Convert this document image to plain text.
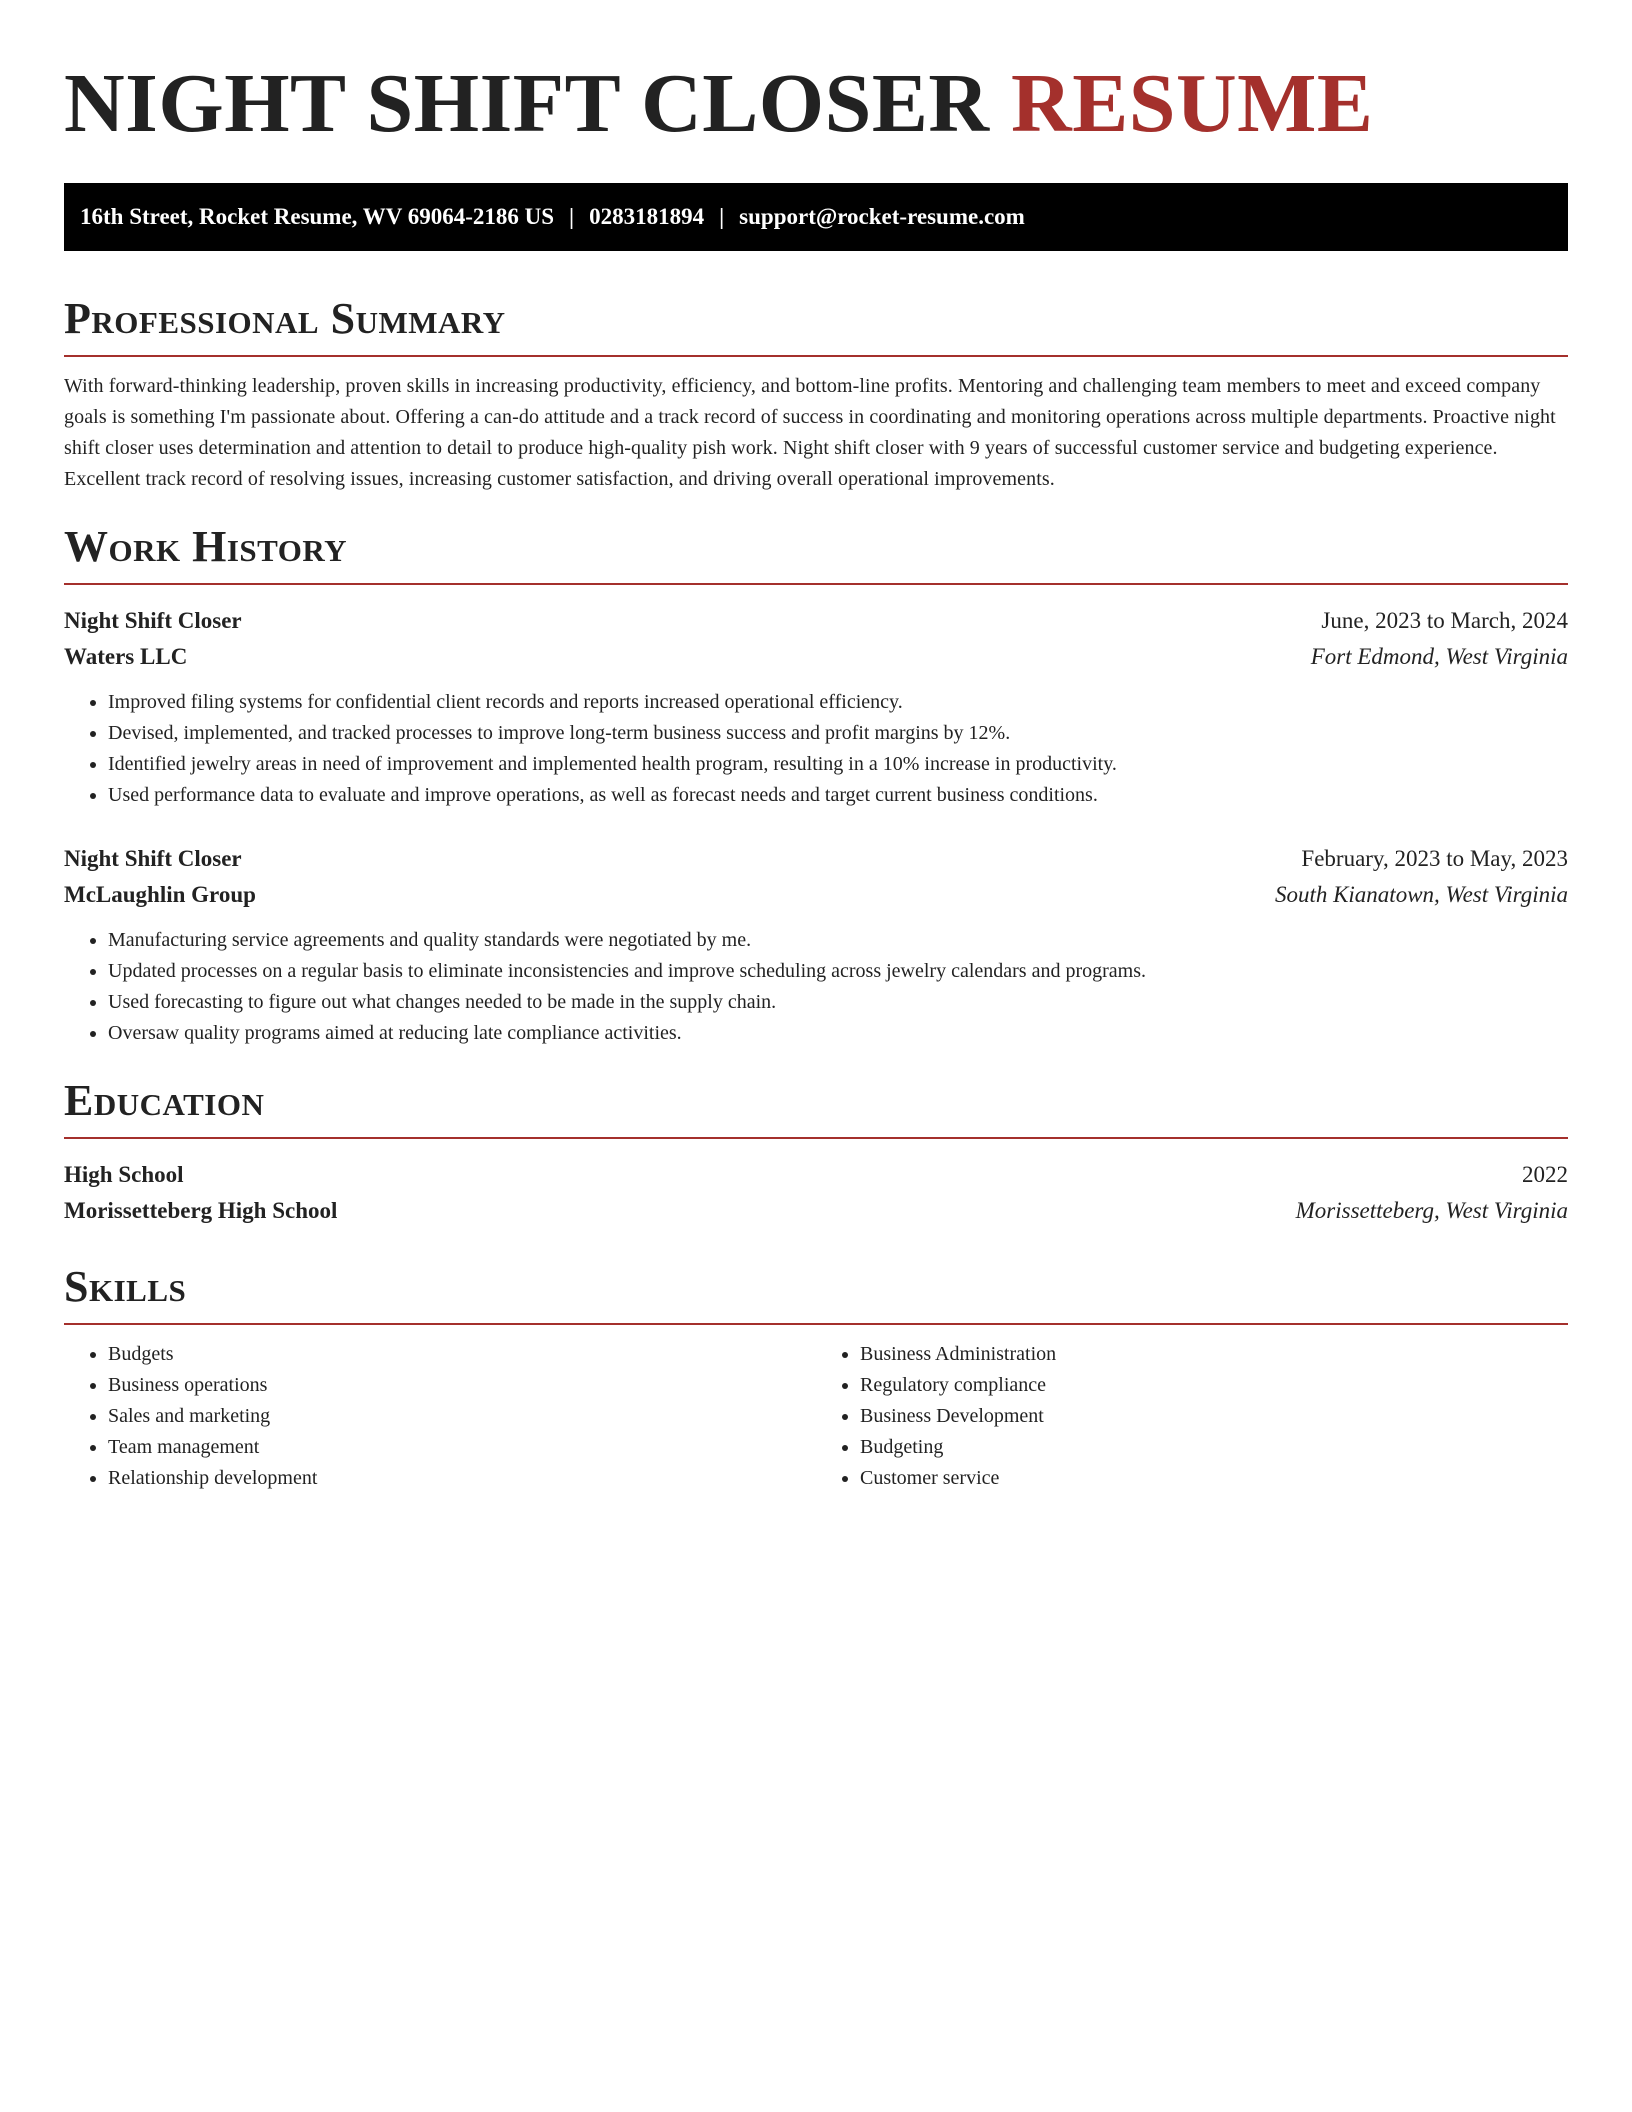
NIGHT SHIFT CLOSER RESUME
16th Street, Rocket Resume, WV 69064-2186 US | 0283181894 | support@rocket-resume.com
Professional Summary

With forward-thinking leadership, proven skills in increasing productivity, efficiency, and bottom-line profits. Mentoring and challenging team members to meet and exceed company goals is something I'm passionate about. Offering a can-do attitude and a track record of success in coordinating and monitoring operations across multiple departments. Proactive night shift closer uses determination and attention to detail to produce high-quality pish work. Night shift closer with 9 years of successful customer service and budgeting experience. Excellent track record of resolving issues, increasing customer satisfaction, and driving overall operational improvements.

Work History
Night Shift Closer	June, 2023 to March, 2024
Waters LLC	Fort Edmond, West Virginia
• Improved filing systems for confidential client records and reports increased operational efficiency.
• Devised, implemented, and tracked processes to improve long-term business success and profit margins by 12%.
• Identified jewelry areas in need of improvement and implemented health program, resulting in a 10% increase in productivity.
• Used performance data to evaluate and improve operations, as well as forecast needs and target current business conditions.
Night Shift Closer	February, 2023 to May, 2023
McLaughlin Group	South Kianatown, West Virginia
• Manufacturing service agreements and quality standards were negotiated by me.
• Updated processes on a regular basis to eliminate inconsistencies and improve scheduling across jewelry calendars and programs.
• Used forecasting to figure out what changes needed to be made in the supply chain.
• Oversaw quality programs aimed at reducing late compliance activities.
Education
High School	2022
Morissetteberg High School	Morissetteberg, West Virginia
Skills
• Budgets
• Business operations
• Sales and marketing
• Team management
• Relationship development
• Business Administration
• Regulatory compliance
• Business Development
• Budgeting
• Customer service
